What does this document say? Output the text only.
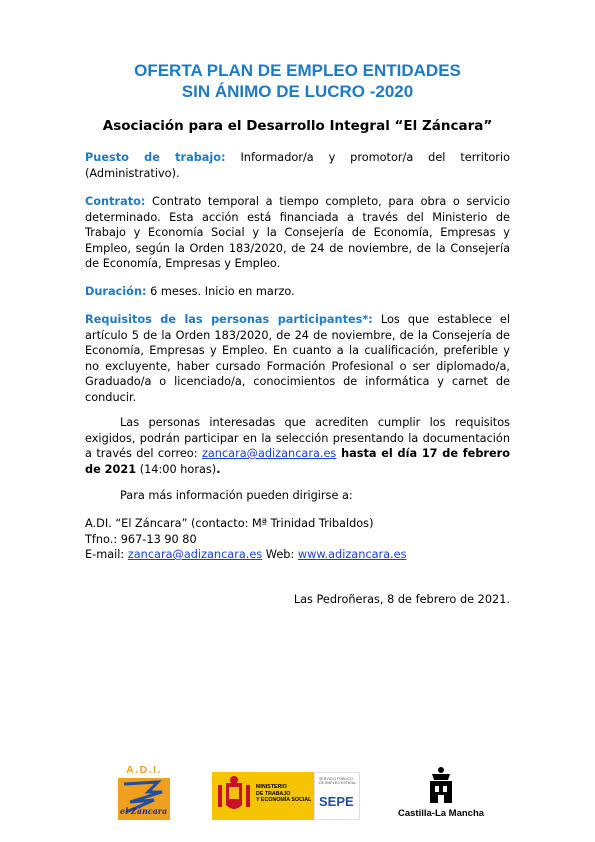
OFERTA PLAN DE EMPLEO ENTIDADES
SIN ÁNIMO DE LUCRO -2020
Asociación para el Desarrollo Integral “El Záncara”
Puesto de trabajo: Informador/a y promotor/a del territorio (Administrativo).
Contrato: Contrato temporal a tiempo completo, para obra o servicio determinado. Esta acción está financiada a través del Ministerio de Trabajo y Economía Social y la Consejería de Economía, Empresas y Empleo, según la Orden 183/2020, de 24 de noviembre, de la Consejería de Economía, Empresas y Empleo.
Duración: 6 meses. Inicio en marzo.
Requisitos de las personas participantes*: Los que establece el artículo 5 de la Orden 183/2020, de 24 de noviembre, de la Consejería de Economía, Empresas y Empleo. En cuanto a la cualificación, preferible y no excluyente, haber cursado Formación Profesional o ser diplomado/a, Graduado/a o licenciado/a, conocimientos de informática y carnet de conducir.
Las personas interesadas que acrediten cumplir los requisitos exigidos, podrán participar en la selección presentando la documentación a través del correo: zancara@adizancara.es hasta el día 17 de febrero de 2021 (14:00 horas).
Para más información pueden dirigirse a:
A.DI. “El Záncara” (contacto: Mª Trinidad Tribaldos)
Tfno.: 967-13 90 80
E-mail: zancara@adizancara.es Web: www.adizancara.es
Las Pedroñeras, 8 de febrero de 2021.
A.D.I.
el Záncara
MINISTERIO
DE TRABAJO
Y ECONOMÍA SOCIAL
SERVICIO PÚBLICO
DE EMPLEO ESTATAL
SEPE
Castilla-La Mancha
